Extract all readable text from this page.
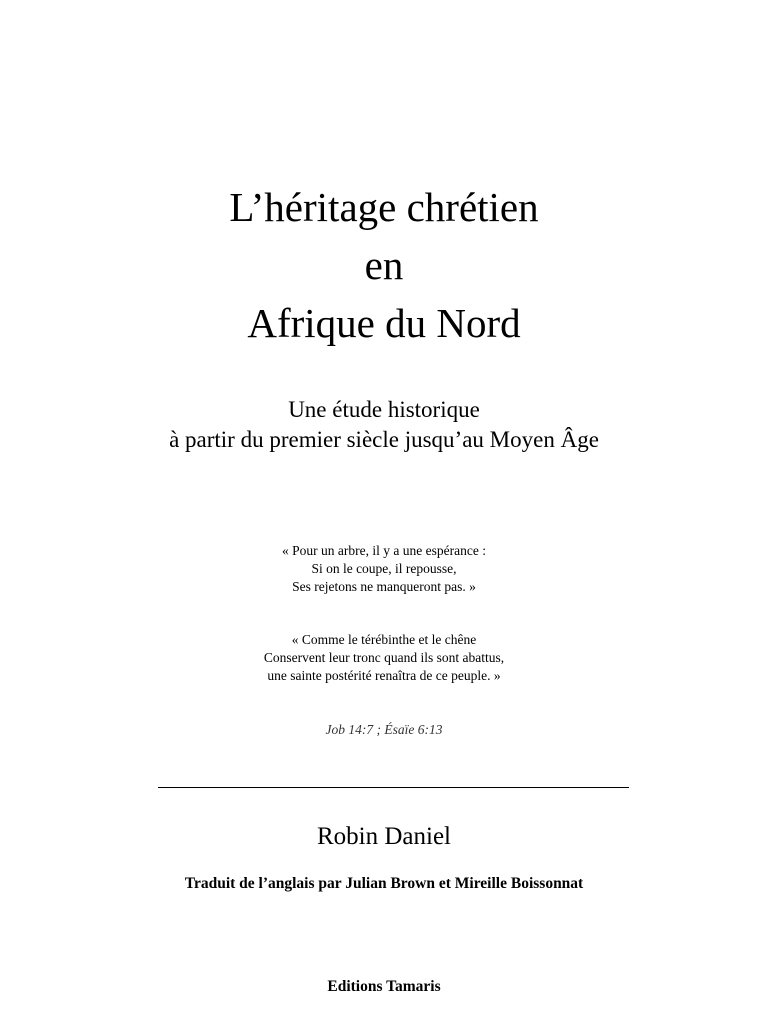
L’héritage chrétien
en
Afrique du Nord
Une étude historique
à partir du premier siècle jusqu’au Moyen Âge
« Pour un arbre, il y a une espérance :
Si on le coupe, il repousse,
Ses rejetons ne manqueront pas. »
« Comme le térébinthe et le chêne
Conservent leur tronc quand ils sont abattus,
une sainte postérité renaîtra de ce peuple. »
Job 14:7 ; Ésaïe 6:13
Robin Daniel
Traduit de l’anglais par Julian Brown et Mireille Boissonnat
Editions Tamaris
